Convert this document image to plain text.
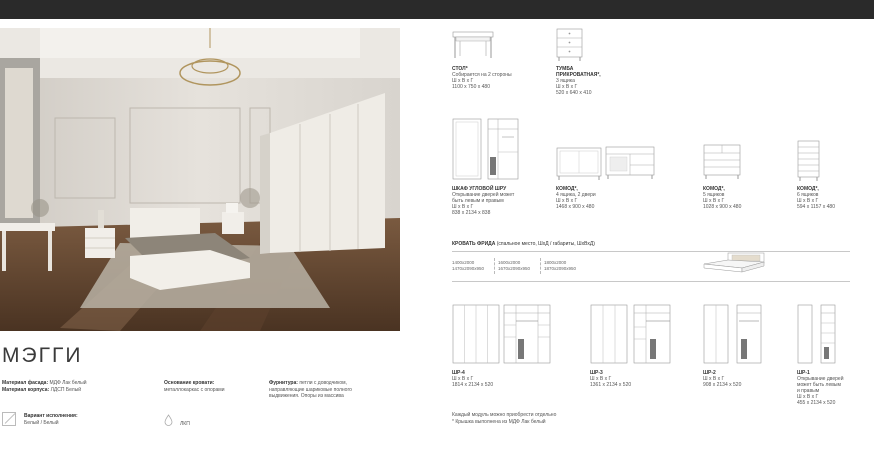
МЭГГИ
Материал фасада: МДФ Лак белый
Материал корпуса: ЛДСП Белый
Основание кровати:
металлокаркас с опорами
Фурнитура: петли с доводчиком, направляющие шариковые полного выдвижения. Опоры из массива
Вариант исполнения:
Белый / Белый	ЛКП
СТОЛ*
Собирается на 2 стороны
Ш х В х Г
1100 х 750 х 480
ТУМБА
ПРИКРОВАТНАЯ*,
3 ящика
Ш х В х Г
520 х 640 х 410
ШКАФ УГЛОВОЙ ШРУ
Открывание дверей может
быть левым и правым
Ш х В х Г
838 х 2134 х 838
КОМОД*,
4 ящика, 2 двери
Ш х В х Г
1468 х 900 х 480
КОМОД*,
5 ящиков
Ш х В х Г
1028 х 900 х 480
КОМОД*,
6 ящиков
Ш х В х Г
594 х 1157 х 480
КРОВАТЬ ФРИДА (спальное место, ШхД / габариты, ШхВхД)
1400х2000
1470х2090х950
1600х2000
1670х2090х950
1800х2000
1870х2090х950
ШР-4
Ш х В х Г
1814 х 2134 х 520
ШР-3
Ш х В х Г
1361 х 2134 х 520
ШР-2
Ш х В х Г
908 х 2134 х 520
ШР-1
Открывание дверей
может быть левым
и правым
Ш х В х Г
455 х 2134 х 520
Каждый модуль можно приобрести отдельно
* Крышка выполнена из МДФ Лак белый
